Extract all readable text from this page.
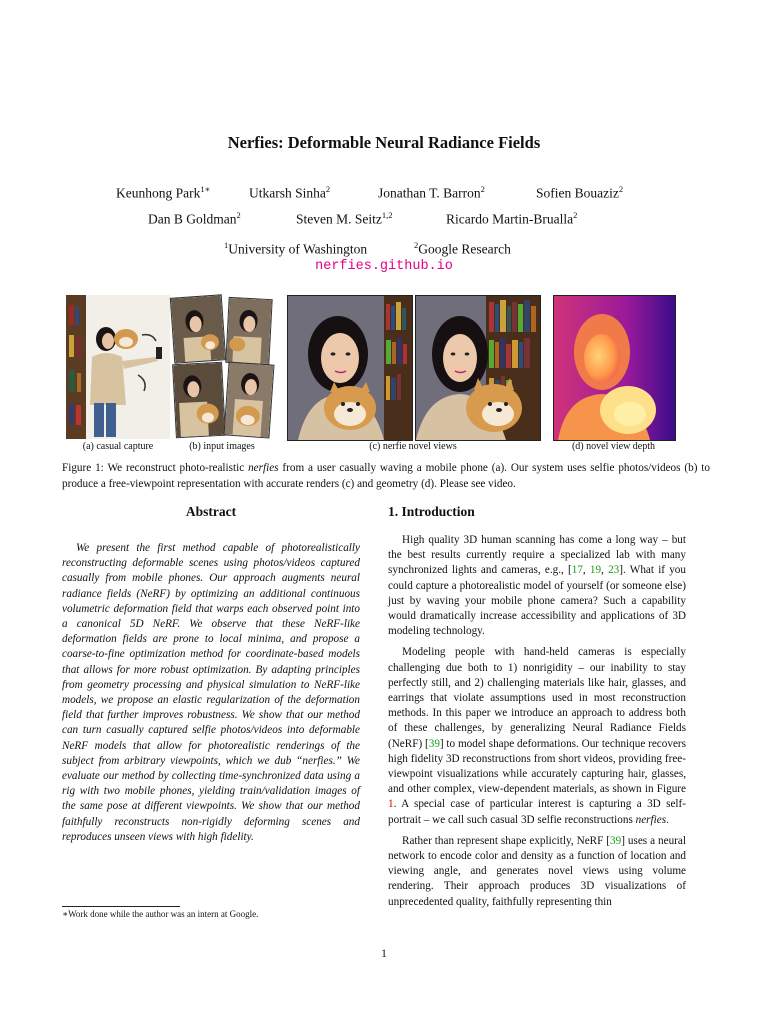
Nerfies: Deformable Neural Radiance Fields
Keunhong Park$^{1∗}$	Utkarsh Sinha$^2$	Jonathan T. Barron$^2$	Sofien Bouaziz$^2$
Dan B Goldman$^2$	Steven M. Seitz$^{1,2}$	Ricardo Martin-Brualla$^2$
$^1$University of Washington	$^2$Google Research
nerfies.github.io
(a) casual capture	(b) input images	(c) nerfie novel views	(d) novel view depth
Figure 1: We reconstruct photo-realistic nerfies from a user casually waving a mobile phone (a). Our system uses selfie photos/videos (b) to produce a free-viewpoint representation with accurate renders (c) and geometry (d). Please see video.
Abstract

We present the first method capable of photorealistically reconstructing deformable scenes using photos/videos captured casually from mobile phones. Our approach augments neural radiance fields (NeRF) by optimizing an additional continuous volumetric deformation field that warps each observed point into a canonical 5D NeRF. We observe that these NeRF-like deformation fields are prone to local minima, and propose a coarse-to-fine optimization method for coordinate-based models that allows for more robust optimization. By adapting principles from geometry processing and physical simulation to NeRF-like models, we propose an elastic regularization of the deformation field that further improves robustness. We show that our method can turn casually captured selfie photos/videos into deformable NeRF models that allow for photorealistic renderings of the subject from arbitrary viewpoints, which we dub “nerfies.” We evaluate our method by collecting time-synchronized data using a rig with two mobile phones, yielding train/validation images of the same pose at different viewpoints. We show that our method faithfully reconstructs non-rigidly deforming scenes and reproduces unseen views with high fidelity.

1. Introduction

High quality 3D human scanning has come a long way – but the best results currently require a specialized lab with many synchronized lights and cameras, e.g., [17, 19, 23]. What if you could capture a photorealistic model of yourself (or someone else) just by waving your mobile phone camera? Such a capability would dramatically increase accessibility and applications of 3D modeling technology.

Modeling people with hand-held cameras is especially challenging due both to 1) nonrigidity – our inability to stay perfectly still, and 2) challenging materials like hair, glasses, and earrings that violate assumptions used in most reconstruction methods. In this paper we introduce an approach to address both of these challenges, by generalizing Neural Radiance Fields (NeRF) [39] to model shape deformations. Our technique recovers high fidelity 3D reconstructions from short videos, providing free-viewpoint visualizations while accurately capturing hair, glasses, and other complex, view-dependent materials, as shown in Figure 1. A special case of particular interest is capturing a 3D self-portrait – we call such casual 3D selfie reconstructions nerfies.

Rather than represent shape explicitly, NeRF [39] uses a neural network to encode color and density as a function of location and viewing angle, and generates novel views using volume rendering. Their approach produces 3D visualizations of unprecedented quality, faithfully representing thin

∗Work done while the author was an intern at Google.
1
